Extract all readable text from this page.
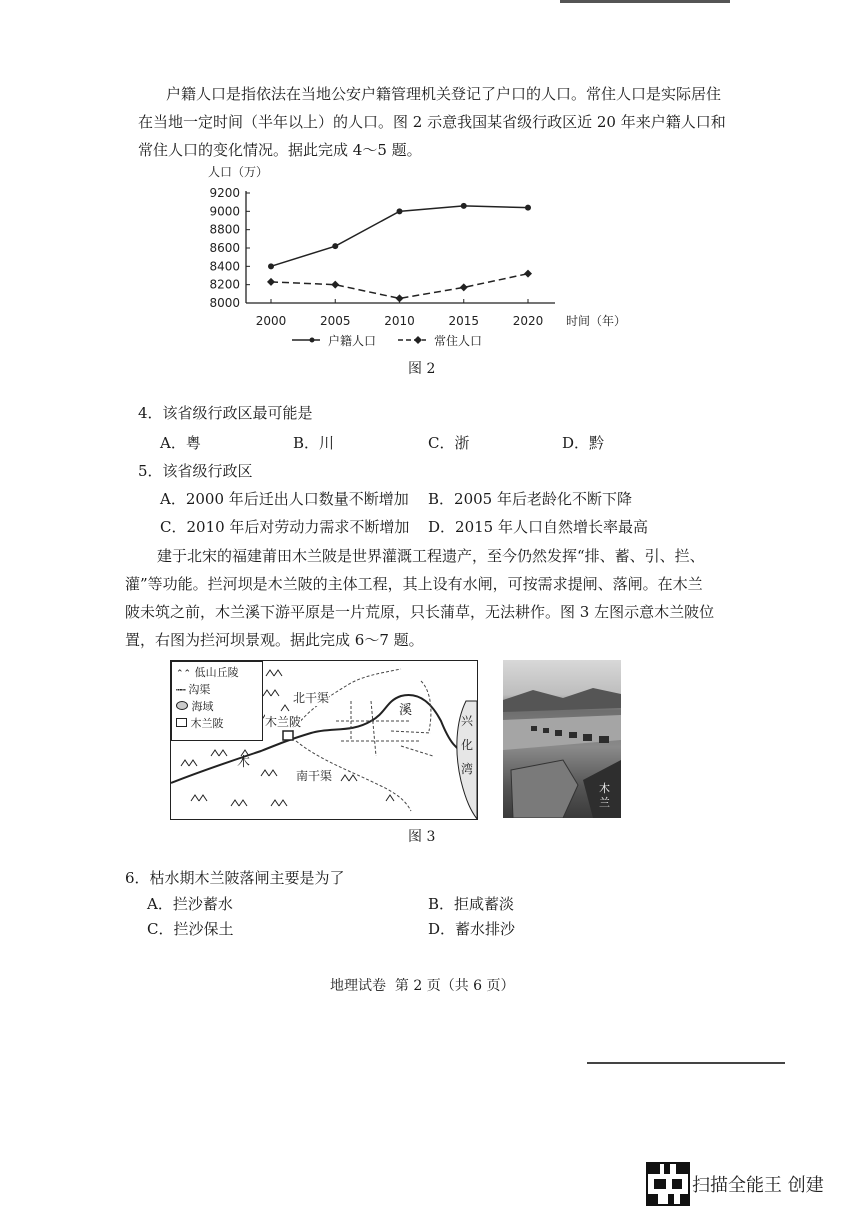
户籍人口是指依法在当地公安户籍管理机关登记了户口的人口。常住人口是实际居住
在当地一定时间（半年以上）的人口。图 2 示意我国某省级行政区近 20 年来户籍人口和
常住人口的变化情况。据此完成 4～5 题。
8000
8200
8400
8600
8800
9000
9200
2000	2005	2010	2015	2020
人口（万）
时间（年）
户籍人口	常住人口
图 2
4．该省级行政区最可能是
A．粤	B．川	C．浙	D．黔
5．该省级行政区
A．2000 年后迁出人口数量不断增加 B．2005 年后老龄化不断下降
C．2010 年后对劳动力需求不断增加 D．2015 年人口自然增长率最高
建于北宋的福建莆田木兰陂是世界灌溉工程遗产，至今仍然发挥“排、蓄、引、拦、
灌”等功能。拦河坝是木兰陂的主体工程，其上设有水闸，可按需求提闸、落闸。在木兰
陂未筑之前，木兰溪下游平原是一片荒原，只长蒲草，无法耕作。图 3 左图示意木兰陂位
置，右图为拦河坝景观。据此完成 6～7 题。
⌃⌃ 低山丘陵
┅┅ 沟渠
海域
木兰陂
北干渠
木兰陂
南干渠
溪
木
兴化湾
木兰
图 3
6．枯水期木兰陂落闸主要是为了
A．拦沙蓄水	B．拒咸蓄淡
C．拦沙保土	D．蓄水排沙
地理试卷  第 2 页（共 6 页）
扫描全能王 创建
